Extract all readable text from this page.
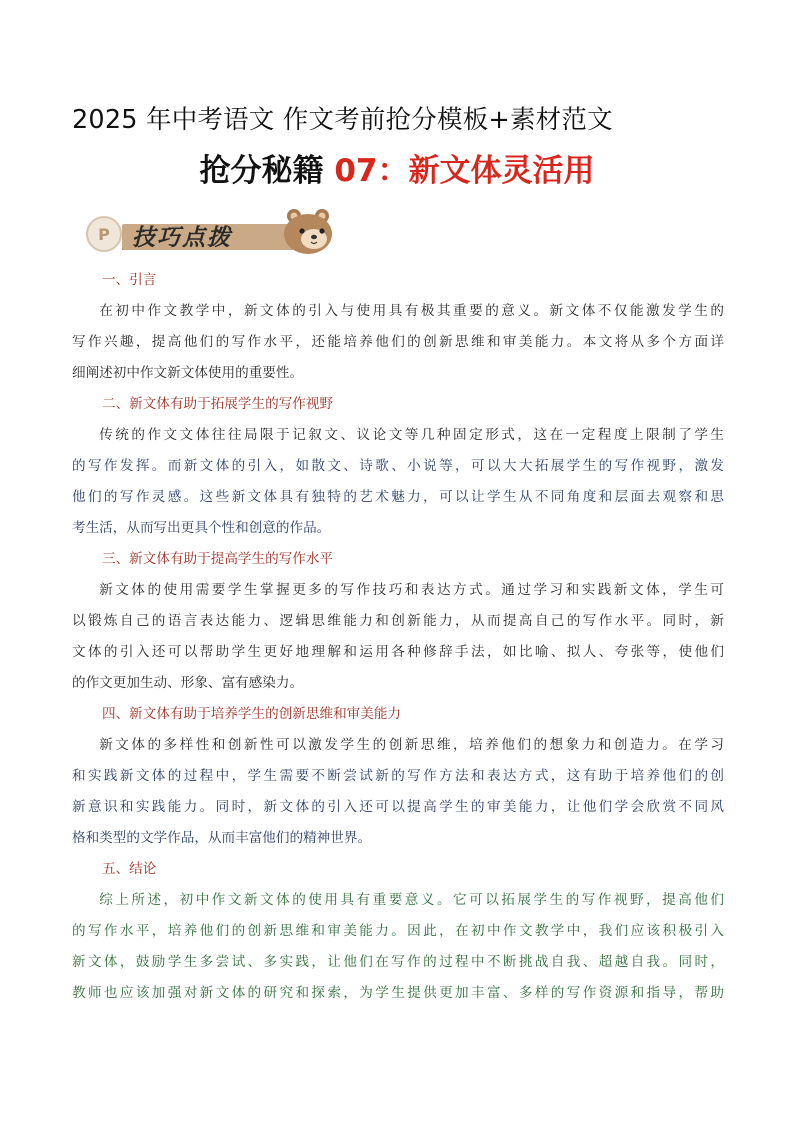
2025 年中考语文 作文考前抢分模板+素材范文
抢分秘籍 07：新文体灵活用
P 技巧点拨

一、引言

在初中作文教学中，新文体的引入与使用具有极其重要的意义。新文体不仅能激发学生的
写作兴趣，提高他们的写作水平，还能培养他们的创新思维和审美能力。本文将从多个方面详
细阐述初中作文新文体使用的重要性。

二、新文体有助于拓展学生的写作视野

传统的作文文体往往局限于记叙文、议论文等几种固定形式，这在一定程度上限制了学生
的写作发挥。而新文体的引入，如散文、诗歌、小说等，可以大大拓展学生的写作视野，激发
他们的写作灵感。这些新文体具有独特的艺术魅力，可以让学生从不同角度和层面去观察和思
考生活，从而写出更具个性和创意的作品。

三、新文体有助于提高学生的写作水平

新文体的使用需要学生掌握更多的写作技巧和表达方式。通过学习和实践新文体，学生可
以锻炼自己的语言表达能力、逻辑思维能力和创新能力，从而提高自己的写作水平。同时，新
文体的引入还可以帮助学生更好地理解和运用各种修辞手法，如比喻、拟人、夸张等，使他们
的作文更加生动、形象、富有感染力。

四、新文体有助于培养学生的创新思维和审美能力

新文体的多样性和创新性可以激发学生的创新思维，培养他们的想象力和创造力。在学习
和实践新文体的过程中，学生需要不断尝试新的写作方法和表达方式，这有助于培养他们的创
新意识和实践能力。同时，新文体的引入还可以提高学生的审美能力，让他们学会欣赏不同风
格和类型的文学作品，从而丰富他们的精神世界。

五、结论

综上所述，初中作文新文体的使用具有重要意义。它可以拓展学生的写作视野，提高他们
的写作水平，培养他们的创新思维和审美能力。因此，在初中作文教学中，我们应该积极引入
新文体，鼓励学生多尝试、多实践，让他们在写作的过程中不断挑战自我、超越自我。同时，
教师也应该加强对新文体的研究和探索，为学生提供更加丰富、多样的写作资源和指导，帮助
